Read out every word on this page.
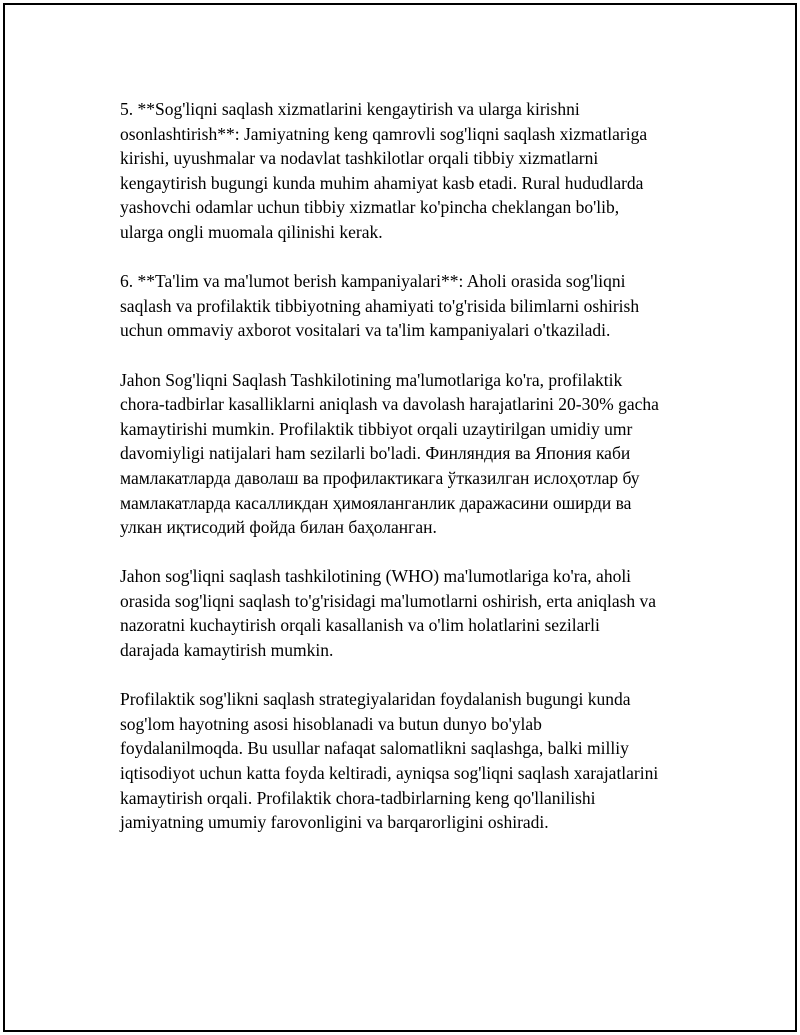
5. **Sog'liqni saqlash xizmatlarini kengaytirish va ularga kirishni
osonlashtirish**: Jamiyatning keng qamrovli sog'liqni saqlash xizmatlariga
kirishi, uyushmalar va nodavlat tashkilotlar orqali tibbiy xizmatlarni
kengaytirish bugungi kunda muhim ahamiyat kasb etadi. Rural hududlarda
yashovchi odamlar uchun tibbiy xizmatlar ko'pincha cheklangan bo'lib,
ularga ongli muomala qilinishi kerak.

6. **Ta'lim va ma'lumot berish kampaniyalari**: Aholi orasida sog'liqni
saqlash va profilaktik tibbiyotning ahamiyati to'g'risida bilimlarni oshirish
uchun ommaviy axborot vositalari va ta'lim kampaniyalari o'tkaziladi.

Jahon Sog'liqni Saqlash Tashkilotining ma'lumotlariga ko'ra, profilaktik
chora-tadbirlar kasalliklarni aniqlash va davolash harajatlarini 20-30% gacha
kamaytirishi mumkin. Profilaktik tibbiyot orqali uzaytirilgan umidiy umr
davomiyligi natijalari ham sezilarli bo'ladi. Финляндия ва Япония каби
мамлакатларда даволаш ва профилактикага ўтказилган ислоҳотлар бу
мамлакатларда касалликдан ҳимояланганлик даражасини оширди ва
улкан иқтисодий фойда билан баҳоланган.

Jahon sog'liqni saqlash tashkilotining (WHO) ma'lumotlariga ko'ra, aholi
orasida sog'liqni saqlash to'g'risidagi ma'lumotlarni oshirish, erta aniqlash va
nazoratni kuchaytirish orqali kasallanish va o'lim holatlarini sezilarli
darajada kamaytirish mumkin.

Profilaktik sog'likni saqlash strategiyalaridan foydalanish bugungi kunda
sog'lom hayotning asosi hisoblanadi va butun dunyo bo'ylab
foydalanilmoqda. Bu usullar nafaqat salomatlikni saqlashga, balki milliy
iqtisodiyot uchun katta foyda keltiradi, ayniqsa sog'liqni saqlash xarajatlarini
kamaytirish orqali. Profilaktik chora-tadbirlarning keng qo'llanilishi
jamiyatning umumiy farovonligini va barqarorligini oshiradi.
